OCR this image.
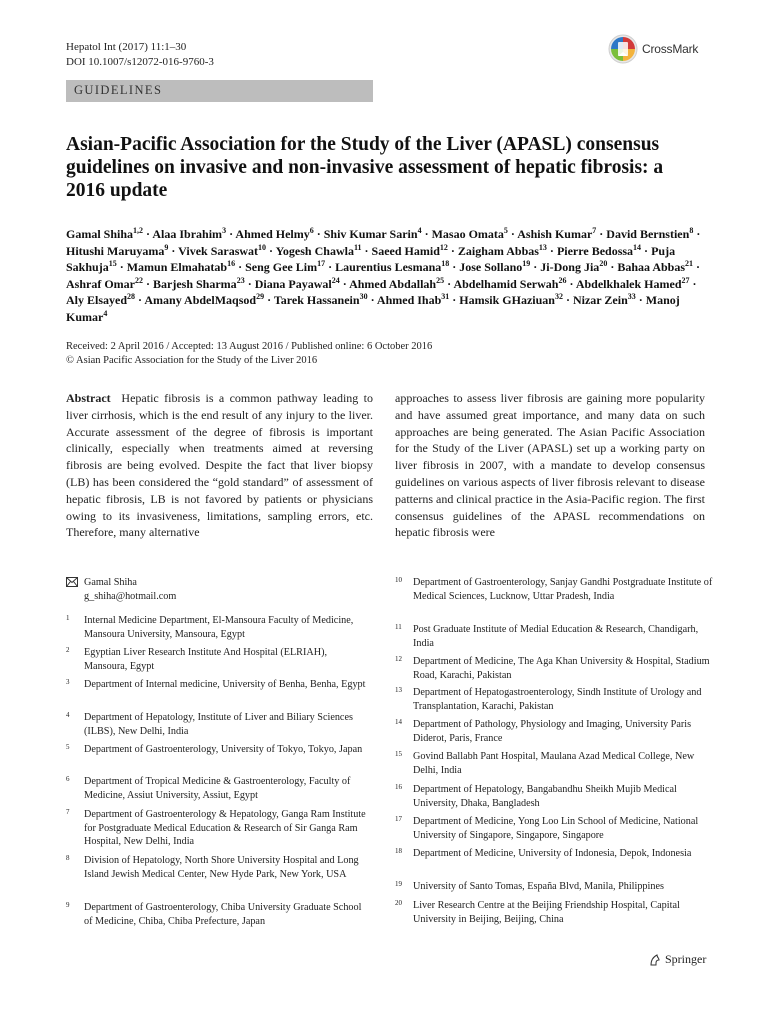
Hepatol Int (2017) 11:1–30
DOI 10.1007/s12072-016-9760-3
CrossMark
GUIDELINES
Asian-Pacific Association for the Study of the Liver (APASL) consensus guidelines on invasive and non-invasive assessment of hepatic fibrosis: a 2016 update
Gamal Shiha$^{1,2}$ · Alaa Ibrahim$^3$ · Ahmed Helmy$^6$ · Shiv Kumar Sarin$^4$ · Masao Omata$^5$ · Ashish Kumar$^7$ · David Bernstien$^8$ · Hitushi Maruyama$^9$ · Vivek Saraswat$^{10}$ · Yogesh Chawla$^{11}$ · Saeed Hamid$^{12}$ · Zaigham Abbas$^{13}$ · Pierre Bedossa$^{14}$ · Puja Sakhuja$^{15}$ · Mamun Elmahatab$^{16}$ · Seng Gee Lim$^{17}$ · Laurentius Lesmana$^{18}$ · Jose Sollano$^{19}$ · Ji-Dong Jia$^{20}$ · Bahaa Abbas$^{21}$ · Ashraf Omar$^{22}$ · Barjesh Sharma$^{23}$ · Diana Payawal$^{24}$ · Ahmed Abdallah$^{25}$ · Abdelhamid Serwah$^{26}$ · Abdelkhalek Hamed$^{27}$ · Aly Elsayed$^{28}$ · Amany AbdelMaqsod$^{29}$ · Tarek Hassanein$^{30}$ · Ahmed Ihab$^{31}$ · Hamsik GHaziuan$^{32}$ · Nizar Zein$^{33}$ · Manoj Kumar$^4$
Received: 2 April 2016 / Accepted: 13 August 2016 / Published online: 6 October 2016
© Asian Pacific Association for the Study of the Liver 2016
Abstract Hepatic fibrosis is a common pathway leading to liver cirrhosis, which is the end result of any injury to the liver. Accurate assessment of the degree of fibrosis is important clinically, especially when treatments aimed at reversing fibrosis are being evolved. Despite the fact that liver biopsy (LB) has been considered the “gold standard” of assessment of hepatic fibrosis, LB is not favored by patients or physicians owing to its invasiveness, limitations, sampling errors, etc. Therefore, many alternative
approaches to assess liver fibrosis are gaining more popularity and have assumed great importance, and many data on such approaches are being generated. The Asian Pacific Association for the Study of the Liver (APASL) set up a working party on liver fibrosis in 2007, with a mandate to develop consensus guidelines on various aspects of liver fibrosis relevant to disease patterns and clinical practice in the Asia-Pacific region. The first consensus guidelines of the APASL recommendations on hepatic fibrosis were
Gamal Shiha
g_shiha@hotmail.com
1	Internal Medicine Department, El-Mansoura Faculty of Medicine, Mansoura University, Mansoura, Egypt
2	Egyptian Liver Research Institute And Hospital (ELRIAH), Mansoura, Egypt
3	Department of Internal medicine, University of Benha, Benha, Egypt
4	Department of Hepatology, Institute of Liver and Biliary Sciences (ILBS), New Delhi, India
5	Department of Gastroenterology, University of Tokyo, Tokyo, Japan
6	Department of Tropical Medicine & Gastroenterology, Faculty of Medicine, Assiut University, Assiut, Egypt
7	Department of Gastroenterology & Hepatology, Ganga Ram Institute for Postgraduate Medical Education & Research of Sir Ganga Ram Hospital, New Delhi, India
8	Division of Hepatology, North Shore University Hospital and Long Island Jewish Medical Center, New Hyde Park, New York, USA
9	Department of Gastroenterology, Chiba University Graduate School of Medicine, Chiba, Chiba Prefecture, Japan
10	Department of Gastroenterology, Sanjay Gandhi Postgraduate Institute of Medical Sciences, Lucknow, Uttar Pradesh, India
11	Post Graduate Institute of Medial Education & Research, Chandigarh, India
12	Department of Medicine, The Aga Khan University & Hospital, Stadium Road, Karachi, Pakistan
13	Department of Hepatogastroenterology, Sindh Institute of Urology and Transplantation, Karachi, Pakistan
14	Department of Pathology, Physiology and Imaging, University Paris Diderot, Paris, France
15	Govind Ballabh Pant Hospital, Maulana Azad Medical College, New Delhi, India
16	Department of Hepatology, Bangabandhu Sheikh Mujib Medical University, Dhaka, Bangladesh
17	Department of Medicine, Yong Loo Lin School of Medicine, National University of Singapore, Singapore, Singapore
18	Department of Medicine, University of Indonesia, Depok, Indonesia
19	University of Santo Tomas, España Blvd, Manila, Philippines
20	Liver Research Centre at the Beijing Friendship Hospital, Capital University in Beijing, Beijing, China
Springer
